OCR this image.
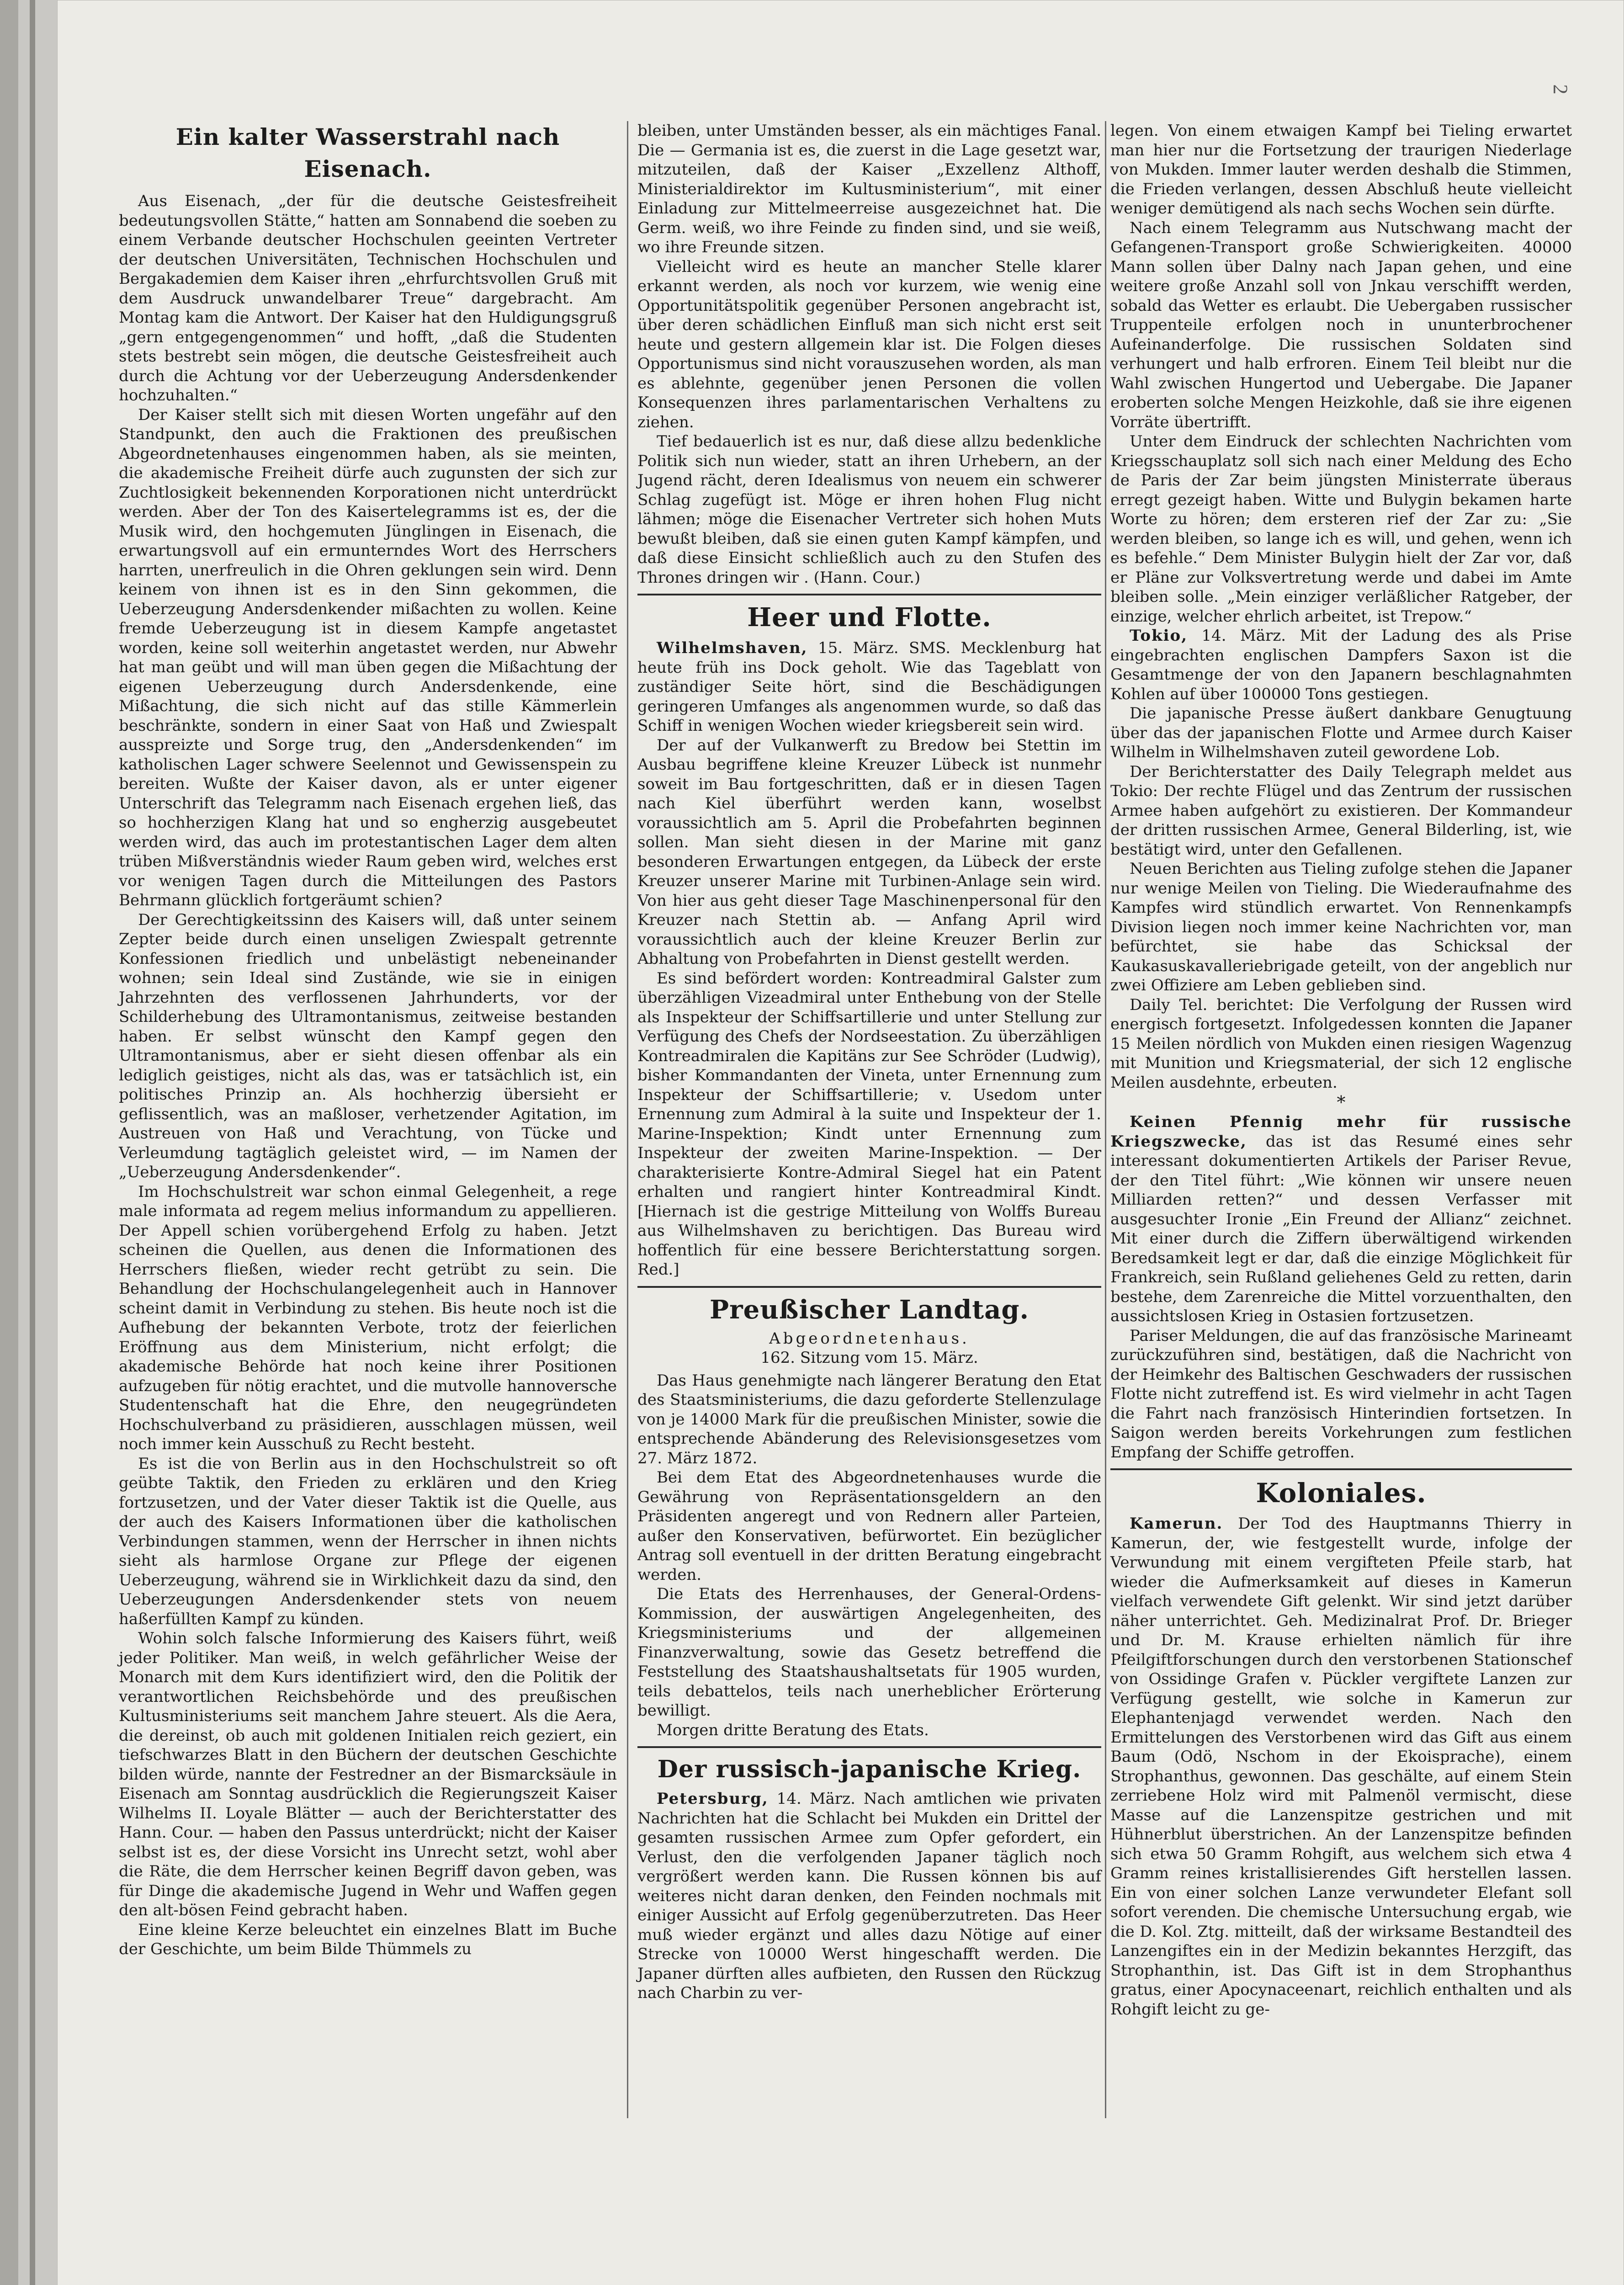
2
Ein kalter Wasserstrahl nach Eisenach.

Aus Eisenach, „der für die deutsche Geistesfreiheit bedeutungsvollen Stätte,“ hatten am Sonnabend die soeben zu einem Verbande deutscher Hochschulen geeinten Vertreter der deutschen Universitäten, Technischen Hochschulen und Bergakademien dem Kaiser ihren „ehrfurchtsvollen Gruß mit dem Ausdruck unwandelbarer Treue“ dargebracht. Am Montag kam die Antwort. Der Kaiser hat den Huldigungsgruß „gern entgegengenommen“ und hofft, „daß die Studenten stets bestrebt sein mögen, die deutsche Geistesfreiheit auch durch die Achtung vor der Ueberzeugung Andersdenkender hochzuhalten.“

Der Kaiser stellt sich mit diesen Worten ungefähr auf den Standpunkt, den auch die Fraktionen des preußischen Abgeordnetenhauses eingenommen haben, als sie meinten, die akademische Freiheit dürfe auch zugunsten der sich zur Zuchtlosigkeit bekennenden Korporationen nicht unterdrückt werden. Aber der Ton des Kaisertelegramms ist es, der die Musik wird, den hochgemuten Jünglingen in Eisenach, die erwartungsvoll auf ein ermunterndes Wort des Herrschers harrten, unerfreulich in die Ohren geklungen sein wird. Denn keinem von ihnen ist es in den Sinn gekommen, die Ueberzeugung Andersdenkender mißachten zu wollen. Keine fremde Ueberzeugung ist in diesem Kampfe angetastet worden, keine soll weiterhin angetastet werden, nur Abwehr hat man geübt und will man üben gegen die Mißachtung der eigenen Ueberzeugung durch Andersdenkende, eine Mißachtung, die sich nicht auf das stille Kämmerlein beschränkte, sondern in einer Saat von Haß und Zwiespalt ausspreizte und Sorge trug, den „Andersdenkenden“ im katholischen Lager schwere Seelennot und Gewissenspein zu bereiten. Wußte der Kaiser davon, als er unter eigener Unterschrift das Telegramm nach Eisenach ergehen ließ, das so hochherzigen Klang hat und so engherzig ausgebeutet werden wird, das auch im protestantischen Lager dem alten trüben Mißverständnis wieder Raum geben wird, welches erst vor wenigen Tagen durch die Mitteilungen des Pastors Behrmann glücklich fortgeräumt schien?

Der Gerechtigkeitssinn des Kaisers will, daß unter seinem Zepter beide durch einen unseligen Zwiespalt getrennte Konfessionen friedlich und unbelästigt nebeneinander wohnen; sein Ideal sind Zustände, wie sie in einigen Jahrzehnten des verflossenen Jahrhunderts, vor der Schilderhebung des Ultramontanismus, zeitweise bestanden haben. Er selbst wünscht den Kampf gegen den Ultramontanismus, aber er sieht diesen offenbar als ein lediglich geistiges, nicht als das, was er tatsächlich ist, ein politisches Prinzip an. Als hochherzig übersieht er geflissentlich, was an maßloser, verhetzender Agitation, im Austreuen von Haß und Verachtung, von Tücke und Verleumdung tagtäglich geleistet wird, — im Namen der „Ueberzeugung Andersdenkender“.

Im Hochschulstreit war schon einmal Gelegenheit, a rege male informata ad regem melius informandum zu appellieren. Der Appell schien vorübergehend Erfolg zu haben. Jetzt scheinen die Quellen, aus denen die Informationen des Herrschers fließen, wieder recht getrübt zu sein. Die Behandlung der Hochschulangelegenheit auch in Hannover scheint damit in Verbindung zu stehen. Bis heute noch ist die Aufhebung der bekannten Verbote, trotz der feierlichen Eröffnung aus dem Ministerium, nicht erfolgt; die akademische Behörde hat noch keine ihrer Positionen aufzugeben für nötig erachtet, und die mutvolle hannoversche Studentenschaft hat die Ehre, den neugegründeten Hochschulverband zu präsidieren, ausschlagen müssen, weil noch immer kein Ausschuß zu Recht besteht.

Es ist die von Berlin aus in den Hochschulstreit so oft geübte Taktik, den Frieden zu erklären und den Krieg fortzusetzen, und der Vater dieser Taktik ist die Quelle, aus der auch des Kaisers Informationen über die katholischen Verbindungen stammen, wenn der Herrscher in ihnen nichts sieht als harmlose Organe zur Pflege der eigenen Ueberzeugung, während sie in Wirklichkeit dazu da sind, den Ueberzeugungen Andersdenkender stets von neuem haßerfüllten Kampf zu künden.

Wohin solch falsche Informierung des Kaisers führt, weiß jeder Politiker. Man weiß, in welch gefährlicher Weise der Monarch mit dem Kurs identifiziert wird, den die Politik der verantwortlichen Reichsbehörde und des preußischen Kultusministeriums seit manchem Jahre steuert. Als die Aera, die dereinst, ob auch mit goldenen Initialen reich geziert, ein tiefschwarzes Blatt in den Büchern der deutschen Geschichte bilden würde, nannte der Festredner an der Bismarcksäule in Eisenach am Sonntag ausdrücklich die Regierungszeit Kaiser Wilhelms II. Loyale Blätter — auch der Berichterstatter des Hann. Cour. — haben den Passus unterdrückt; nicht der Kaiser selbst ist es, der diese Vorsicht ins Unrecht setzt, wohl aber die Räte, die dem Herrscher keinen Begriff davon geben, was für Dinge die akademische Jugend in Wehr und Waffen gegen den alt-bösen Feind gebracht haben.

Eine kleine Kerze beleuchtet ein einzelnes Blatt im Buche der Geschichte, um beim Bilde Thümmels zu

bleiben, unter Umständen besser, als ein mächtiges Fanal. Die — Germania ist es, die zuerst in die Lage gesetzt war, mitzuteilen, daß der Kaiser „Exzellenz Althoff, Ministerialdirektor im Kultusministerium“, mit einer Einladung zur Mittelmeerreise ausgezeichnet hat. Die Germ. weiß, wo ihre Feinde zu finden sind, und sie weiß, wo ihre Freunde sitzen.

Vielleicht wird es heute an mancher Stelle klarer erkannt werden, als noch vor kurzem, wie wenig eine Opportunitätspolitik gegenüber Personen angebracht ist, über deren schädlichen Einfluß man sich nicht erst seit heute und gestern allgemein klar ist. Die Folgen dieses Opportunismus sind nicht vorauszusehen worden, als man es ablehnte, gegenüber jenen Personen die vollen Konsequenzen ihres parlamentarischen Verhaltens zu ziehen.

Tief bedauerlich ist es nur, daß diese allzu bedenkliche Politik sich nun wieder, statt an ihren Urhebern, an der Jugend rächt, deren Idealismus von neuem ein schwerer Schlag zugefügt ist. Möge er ihren hohen Flug nicht lähmen; möge die Eisenacher Vertreter sich hohen Muts bewußt bleiben, daß sie einen guten Kampf kämpfen, und daß diese Einsicht schließlich auch zu den Stufen des Thrones dringen wir . (Hann. Cour.)

Heer und Flotte.

Wilhelmshaven, 15. März. SMS. Mecklenburg hat heute früh ins Dock geholt. Wie das Tageblatt von zuständiger Seite hört, sind die Beschädigungen geringeren Umfanges als angenommen wurde, so daß das Schiff in wenigen Wochen wieder kriegsbereit sein wird.

Der auf der Vulkanwerft zu Bredow bei Stettin im Ausbau begriffene kleine Kreuzer Lübeck ist nunmehr soweit im Bau fortgeschritten, daß er in diesen Tagen nach Kiel überführt werden kann, woselbst voraussichtlich am 5. April die Probefahrten beginnen sollen. Man sieht diesen in der Marine mit ganz besonderen Erwartungen entgegen, da Lübeck der erste Kreuzer unserer Marine mit Turbinen-Anlage sein wird. Von hier aus geht dieser Tage Maschinenpersonal für den Kreuzer nach Stettin ab. — Anfang April wird voraussichtlich auch der kleine Kreuzer Berlin zur Abhaltung von Probefahrten in Dienst gestellt werden.

Es sind befördert worden: Kontreadmiral Galster zum überzähligen Vizeadmiral unter Enthebung von der Stelle als Inspekteur der Schiffsartillerie und unter Stellung zur Verfügung des Chefs der Nordseestation. Zu überzähligen Kontreadmiralen die Kapitäns zur See Schröder (Ludwig), bisher Kommandanten der Vineta, unter Ernennung zum Inspekteur der Schiffsartillerie; v. Usedom unter Ernennung zum Admiral à la suite und Inspekteur der 1. Marine-Inspektion; Kindt unter Ernennung zum Inspekteur der zweiten Marine-Inspektion. — Der charakterisierte Kontre-Admiral Siegel hat ein Patent erhalten und rangiert hinter Kontreadmiral Kindt. [Hiernach ist die gestrige Mitteilung von Wolffs Bureau aus Wilhelmshaven zu berichtigen. Das Bureau wird hoffentlich für eine bessere Berichterstattung sorgen. Red.]

Preußischer Landtag.

Abgeordnetenhaus.

162. Sitzung vom 15. März.

Das Haus genehmigte nach längerer Beratung den Etat des Staatsministeriums, die dazu geforderte Stellenzulage von je 14000 Mark für die preußischen Minister, sowie die entsprechende Abänderung des Relevisionsgesetzes vom 27. März 1872.

Bei dem Etat des Abgeordnetenhauses wurde die Gewährung von Repräsentationsgeldern an den Präsidenten angeregt und von Rednern aller Parteien, außer den Konservativen, befürwortet. Ein bezüglicher Antrag soll eventuell in der dritten Beratung eingebracht werden.

Die Etats des Herrenhauses, der General-Ordens-Kommission, der auswärtigen Angelegenheiten, des Kriegsministeriums und der allgemeinen Finanzverwaltung, sowie das Gesetz betreffend die Feststellung des Staatshaushaltsetats für 1905 wurden, teils debattelos, teils nach unerheblicher Erörterung bewilligt.

Morgen dritte Beratung des Etats.

Der russisch-japanische Krieg.

Petersburg, 14. März. Nach amtlichen wie privaten Nachrichten hat die Schlacht bei Mukden ein Drittel der gesamten russischen Armee zum Opfer gefordert, ein Verlust, den die verfolgenden Japaner täglich noch vergrößert werden kann. Die Russen können bis auf weiteres nicht daran denken, den Feinden nochmals mit einiger Aussicht auf Erfolg gegenüberzutreten. Das Heer muß wieder ergänzt und alles dazu Nötige auf einer Strecke von 10000 Werst hingeschafft werden. Die Japaner dürften alles aufbieten, den Russen den Rückzug nach Charbin zu ver-

legen. Von einem etwaigen Kampf bei Tieling erwartet man hier nur die Fortsetzung der traurigen Niederlage von Mukden. Immer lauter werden deshalb die Stimmen, die Frieden verlangen, dessen Abschluß heute vielleicht weniger demütigend als nach sechs Wochen sein dürfte.

Nach einem Telegramm aus Nutschwang macht der Gefangenen-Transport große Schwierigkeiten. 40000 Mann sollen über Dalny nach Japan gehen, und eine weitere große Anzahl soll von Jnkau verschifft werden, sobald das Wetter es erlaubt. Die Uebergaben russischer Truppenteile erfolgen noch in ununterbrochener Aufeinanderfolge. Die russischen Soldaten sind verhungert und halb erfroren. Einem Teil bleibt nur die Wahl zwischen Hungertod und Uebergabe. Die Japaner eroberten solche Mengen Heizkohle, daß sie ihre eigenen Vorräte übertrifft.

Unter dem Eindruck der schlechten Nachrichten vom Kriegsschauplatz soll sich nach einer Meldung des Echo de Paris der Zar beim jüngsten Ministerrate überaus erregt gezeigt haben. Witte und Bulygin bekamen harte Worte zu hören; dem ersteren rief der Zar zu: „Sie werden bleiben, so lange ich es will, und gehen, wenn ich es befehle.“ Dem Minister Bulygin hielt der Zar vor, daß er Pläne zur Volksvertretung werde und dabei im Amte bleiben solle. „Mein einziger verläßlicher Ratgeber, der einzige, welcher ehrlich arbeitet, ist Trepow.“

Tokio, 14. März. Mit der Ladung des als Prise eingebrachten englischen Dampfers Saxon ist die Gesamtmenge der von den Japanern beschlagnahmten Kohlen auf über 100000 Tons gestiegen.

Die japanische Presse äußert dankbare Genugtuung über das der japanischen Flotte und Armee durch Kaiser Wilhelm in Wilhelmshaven zuteil gewordene Lob.

Der Berichterstatter des Daily Telegraph meldet aus Tokio: Der rechte Flügel und das Zentrum der russischen Armee haben aufgehört zu existieren. Der Kommandeur der dritten russischen Armee, General Bilderling, ist, wie bestätigt wird, unter den Gefallenen.

Neuen Berichten aus Tieling zufolge stehen die Japaner nur wenige Meilen von Tieling. Die Wiederaufnahme des Kampfes wird stündlich erwartet. Von Rennenkampfs Division liegen noch immer keine Nachrichten vor, man befürchtet, sie habe das Schicksal der Kaukasuskavalleriebrigade geteilt, von der angeblich nur zwei Offiziere am Leben geblieben sind.

Daily Tel. berichtet: Die Verfolgung der Russen wird energisch fortgesetzt. Infolgedessen konnten die Japaner 15 Meilen nördlich von Mukden einen riesigen Wagenzug mit Munition und Kriegsmaterial, der sich 12 englische Meilen ausdehnte, erbeuten.

*

Keinen Pfennig mehr für russische Kriegszwecke, das ist das Resumé eines sehr interessant dokumentierten Artikels der Pariser Revue, der den Titel führt: „Wie können wir unsere neuen Milliarden retten?“ und dessen Verfasser mit ausgesuchter Ironie „Ein Freund der Allianz“ zeichnet. Mit einer durch die Ziffern überwältigend wirkenden Beredsamkeit legt er dar, daß die einzige Möglichkeit für Frankreich, sein Rußland geliehenes Geld zu retten, darin bestehe, dem Zarenreiche die Mittel vorzuenthalten, den aussichtslosen Krieg in Ostasien fortzusetzen.

Pariser Meldungen, die auf das französische Marineamt zurückzuführen sind, bestätigen, daß die Nachricht von der Heimkehr des Baltischen Geschwaders der russischen Flotte nicht zutreffend ist. Es wird vielmehr in acht Tagen die Fahrt nach französisch Hinterindien fortsetzen. In Saigon werden bereits Vorkehrungen zum festlichen Empfang der Schiffe getroffen.

Koloniales.

Kamerun. Der Tod des Hauptmanns Thierry in Kamerun, der, wie festgestellt wurde, infolge der Verwundung mit einem vergifteten Pfeile starb, hat wieder die Aufmerksamkeit auf dieses in Kamerun vielfach verwendete Gift gelenkt. Wir sind jetzt darüber näher unterrichtet. Geh. Medizinalrat Prof. Dr. Brieger und Dr. M. Krause erhielten nämlich für ihre Pfeilgiftforschungen durch den verstorbenen Stationschef von Ossidinge Grafen v. Pückler vergiftete Lanzen zur Verfügung gestellt, wie solche in Kamerun zur Elephantenjagd verwendet werden. Nach den Ermittelungen des Verstorbenen wird das Gift aus einem Baum (Odö, Nschom in der Ekoisprache), einem Strophanthus, gewonnen. Das geschälte, auf einem Stein zerriebene Holz wird mit Palmenöl vermischt, diese Masse auf die Lanzenspitze gestrichen und mit Hühnerblut überstrichen. An der Lanzenspitze befinden sich etwa 50 Gramm Rohgift, aus welchem sich etwa 4 Gramm reines kristallisierendes Gift herstellen lassen. Ein von einer solchen Lanze verwundeter Elefant soll sofort verenden. Die chemische Untersuchung ergab, wie die D. Kol. Ztg. mitteilt, daß der wirksame Bestandteil des Lanzengiftes ein in der Medizin bekanntes Herzgift, das Strophanthin, ist. Das Gift ist in dem Strophanthus gratus, einer Apocynaceenart, reichlich enthalten und als Rohgift leicht zu ge-
